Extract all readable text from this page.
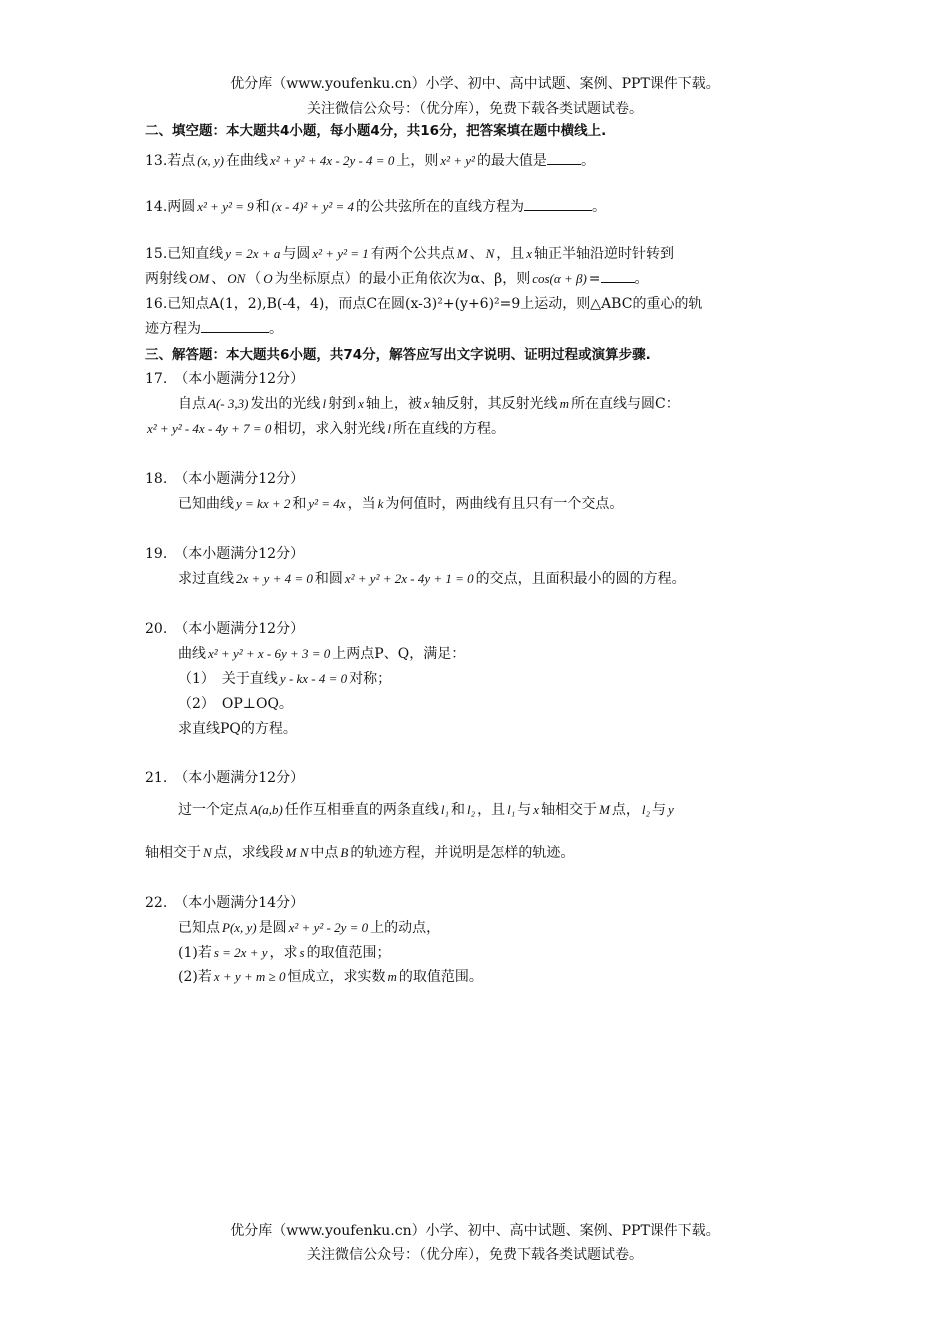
优分库（www.youfenku.cn）小学、初中、高中试题、案例、PPT课件下载。
关注微信公众号：（优分库），免费下载各类试题试卷。
二、填空题：本大题共4小题，每小题4分，共16分，把答案填在题中横线上.
13.若点 (x, y) 在曲线 x² + y² + 4x - 2y - 4 = 0 上，则 x² + y² 的最大值是 。
14.两圆 x² + y² = 9 和 (x - 4)² + y² = 4 的公共弦所在的直线方程为	。
15.已知直线 y = 2x + a 与圆 x² + y² = 1 有两个公共点 M 、 N ，且 x 轴正半轴沿逆时针转到
两射线 OM 、 ON （ O 为坐标原点）的最小正角依次为α、β，则 cos(α + β) = 。
16.已知点A(1，2),B(-4，4)，而点C在圆(x-3)²+(y+6)²=9上运动，则△ABC的重心的轨
迹方程为	。
三、解答题：本大题共6小题，共74分，解答应写出文字说明、证明过程或演算步骤.
17.　（本小题满分12分）
自点 A(- 3,3) 发出的光线 l 射到 x 轴上，被 x 轴反射，其反射光线 m 所在直线与圆C：
x² + y² - 4x - 4y + 7 = 0 相切，求入射光线 l 所在直线的方程。
18.　（本小题满分12分）
已知曲线 y = kx + 2 和 y² = 4x ，当 k 为何值时，两曲线有且只有一个交点。
19.　（本小题满分12分）
求过直线 2x + y + 4 = 0 和圆 x² + y² + 2x - 4y + 1 = 0 的交点，且面积最小的圆的方程。
20.　（本小题满分12分）
曲线 x² + y² + x - 6y + 3 = 0 上两点P、Q，满足：
（1）　关于直线 y - kx - 4 = 0 对称；
（2）　OP⊥OQ。
求直线PQ的方程。
21.　（本小题满分12分）
过一个定点 A(a,b) 任作互相垂直的两条直线 l₁ 和 l₂ ，且 l₁ 与 x 轴相交于 M 点， l₂ 与 y
轴相交于 N 点，求线段 M N 中点 B 的轨迹方程，并说明是怎样的轨迹。
22.　（本小题满分14分）
已知点 P(x, y) 是圆 x² + y² - 2y = 0 上的动点，
(1)若 s = 2x + y ，求 s 的取值范围；
(2)若 x + y + m ≥ 0 恒成立，求实数 m 的取值范围。
优分库（www.youfenku.cn）小学、初中、高中试题、案例、PPT课件下载。
关注微信公众号：（优分库），免费下载各类试题试卷。
